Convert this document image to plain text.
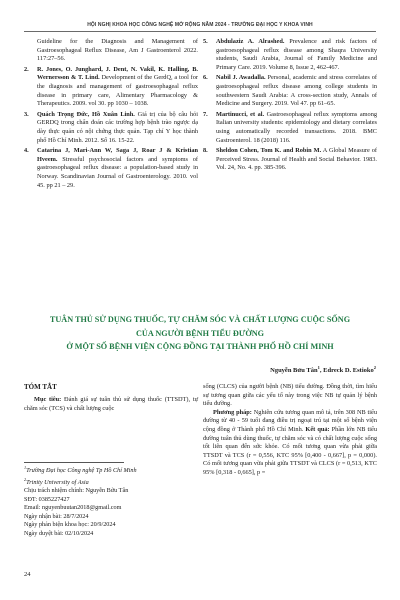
HỘI NGHỊ KHOA HỌC CÔNG NGHỆ MỞ RỘNG NĂM 2024 - TRƯỜNG ĐẠI HỌC Y KHOA VINH
Guideline for the Diagnosis and Management of Gastroesophageal Reflux Disease, Am J Gastroenterol 2022. 117:27–56.
2. R. Jones, O. Junghard, J. Dent, N. Vakil, K. Halling, B. Wernersson & T. Lind. Development of the GerdQ, a tool for the diagnosis and management of gastroesophageal reflux disease in primary care, Alimentary Pharmacology & Therapeutics. 2009. vol 30. pp 1030 – 1038.
3. Quách Trọng Đức, Hồ Xuân Linh. Giá trị của bộ câu hỏi GERDQ trong chẩn đoán các trường hợp bệnh trào ngược dạ dày thực quản có nội chứng thực quản. Tạp chí Y học thành phố Hồ Chí Minh. 2012. Số 16. 15-22.
4. Catarina J, Mari-Ann W, Saga J, Roar J & Kristian Hveem. Stressful psychosocial factors and symptoms of gastroesophageal reflux disease: a population-based study in Norway. Scandinavian Journal of Gastroenterology. 2010. vol 45. pp 21 – 29.
5. Abdulaziz A. Alrashed. Prevalence and risk factors of gastroesophageal reflux disease among Shaqra University students, Saudi Arabia, Journal of Family Medicine and Primary Care. 2019. Volume 8, Issue 2, 462-467.
6. Nabil J. Awadalla. Personal, academic and stress correlates of gastroesophageal reflux disease among college students in southwestern Saudi Arabia: A cross-section study, Annals of Medicine and Surgery. 2019. Vol 47. pp 61–65.
7. Martinucci, et al. Gastroesophageal reflux symptoms among Italian university students: epidemiology and dietary correlates using automatically recorded transactions. 2018. BMC Gastroenterol. 18 (2018) 116.
8. Sheldon Cohen, Tom K. and Robin M. A Global Measure of Perceived Stress. Journal of Health and Social Behavior. 1983. Vol. 24, No. 4. pp. 385-396.
TUÂN THỦ SỬ DỤNG THUỐC, TỰ CHĂM SÓC VÀ CHẤT LƯỢNG CUỘC SỐNG
CỦA NGƯỜI BỆNH TIỂU ĐƯỜNG
Ở MỘT SỐ BỆNH VIỆN CỘNG ĐỒNG TẠI THÀNH PHỐ HỒ CHÍ MINH
Nguyễn Bửu Tân$^1$, Edreck D. Estioko$^2$
TÓM TẮT

Mục tiêu: Đánh giá sự tuân thủ sử dụng thuốc (TTSDT), tự chăm sóc (TCS) và chất lượng cuộc

sống (CLCS) của người bệnh (NB) tiểu đường. Đồng thời, tìm hiểu sự tương quan giữa các yếu tố này trong việc NB tự quản lý bệnh tiểu đường.

Phương pháp: Nghiên cứu tương quan mô tả, trên 308 NB tiểu đường từ 40 - 59 tuổi đang điều trị ngoại trú tại một số bệnh viện cộng đồng ở Thành phố Hồ Chí Minh. Kết quả: Phần lớn NB tiểu đường tuân thủ dùng thuốc, tự chăm sóc và có chất lượng cuộc sống tốt liên quan đến sức khỏe. Có mối tương quan vừa phải giữa TTSDT và TCS (r = 0,556, KTC 95% [0,400 - 0,667], p = 0,000). Có mối tương quan vừa phải giữa TTSDT và CLCS (r = 0,513, KTC 95% [0,318 - 0,665], p =

$^1$Trường Đại học Công nghệ Tp Hồ Chí Minh
$^2$Trinity University of Asia
Chịu trách nhiệm chính: Nguyễn Bửu Tân
SĐT: 0385227427
Email: nguyenbuutan2018@gmail.com
Ngày nhận bài: 28/7/2024
Ngày phản biện khoa học: 20/9/2024
Ngày duyệt bài: 02/10/2024
24
